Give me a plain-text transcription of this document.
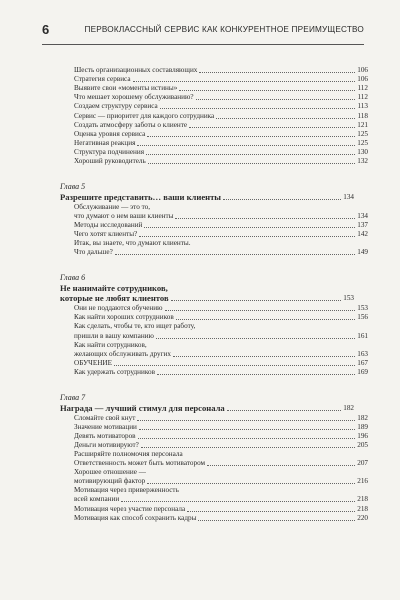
6	ПЕРВОКЛАССНЫЙ СЕРВИС КАК КОНКУРЕНТНОЕ ПРЕИМУЩЕСТВО
Шесть организационных составляющих	106
Стратегия сервиса	106
Выявите свои «моменты истины»	112
Что мешает хорошему обслуживанию?	112
Создаем структуру сервиса	113
Сервис — приоритет для каждого сотрудника	118
Создать атмосферу заботы о клиенте	121
Оценка уровня сервиса	125
Негативная реакция	125
Структура подчинения	130
Хороший руководитель	132
Глава 5
Разрешите представить… ваши клиенты	134
Обслуживание — это то,
что думают о нем ваши клиенты	134
Методы исследований	137
Чего хотят клиенты?	142
Итак, вы знаете, что думают клиенты.
Что дальше?	149
Глава 6
Не нанимайте сотрудников,
которые не любят клиентов	153
Они не поддаются обучению	153
Как найти хороших сотрудников	156
Как сделать, чтобы те, кто ищет работу,
пришли в вашу компанию	161
Как найти сотрудников,
желающих обслуживать других	163
ОБУЧЕНИЕ	167
Как удержать сотрудников	169
Глава 7
Награда — лучший стимул для персонала	182
Сломайте свой кнут	182
Значение мотивации	189
Девять мотиваторов	196
Деньги мотивируют?	205
Расширяйте полномочия персонала
Ответственность может быть мотиватором	207
Хорошее отношение —
мотивирующий фактор	216
Мотивация через приверженность
всей компании	218
Мотивация через участие персонала	218
Мотивация как способ сохранить кадры	220
